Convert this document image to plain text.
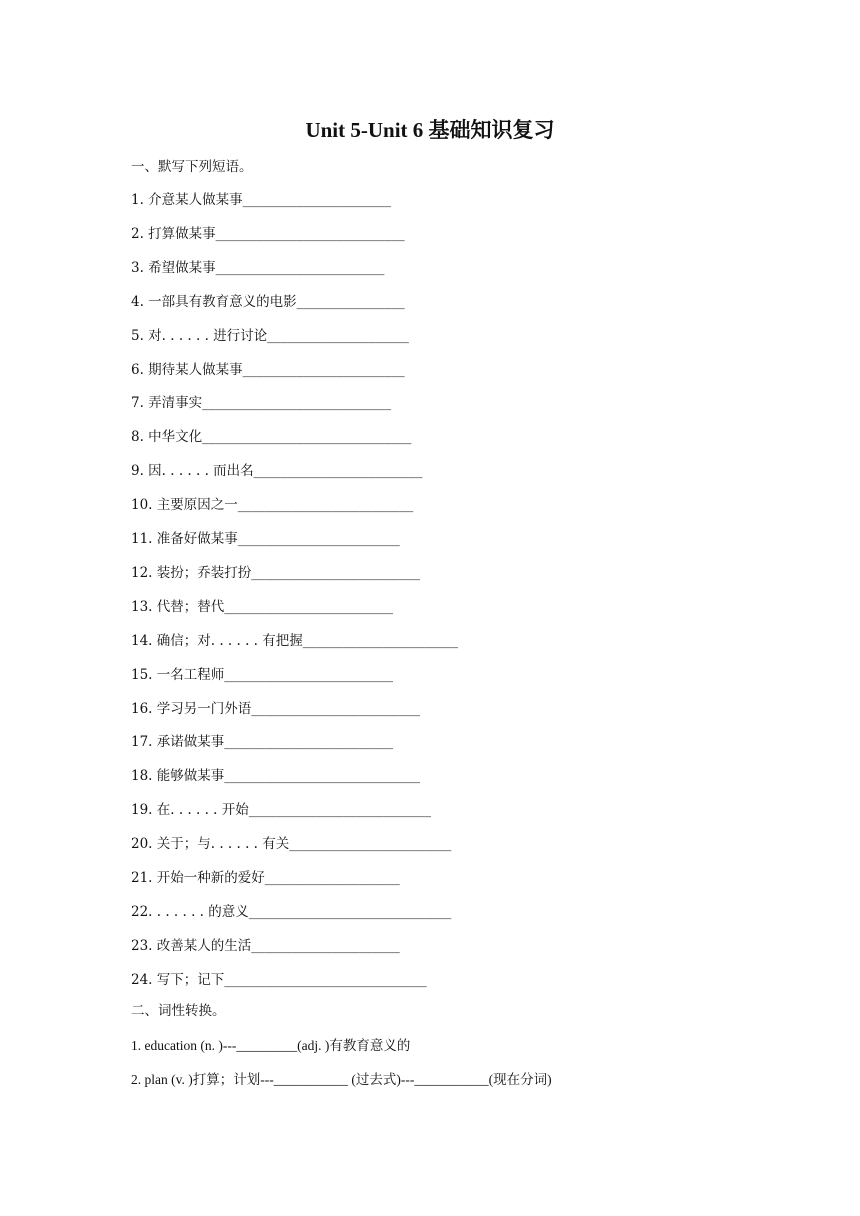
Unit 5-Unit 6 基础知识复习
一、默写下列短语。
1. 介意某人做某事______________________
2. 打算做某事____________________________
3. 希望做某事_________________________
4. 一部具有教育意义的电影________________
5. 对. . . . . . 进行讨论_____________________
6. 期待某人做某事________________________
7. 弄清事实____________________________
8. 中华文化_______________________________
9. 因. . . . . . 而出名_________________________
10. 主要原因之一__________________________
11. 准备好做某事________________________
12. 装扮；乔装打扮_________________________
13. 代替；替代_________________________
14. 确信；对. . . . . . 有把握_______________________
15. 一名工程师_________________________
16. 学习另一门外语_________________________
17. 承诺做某事_________________________
18. 能够做某事_____________________________
19. 在. . . . . . 开始___________________________
20. 关于；与. . . . . . 有关________________________
21. 开始一种新的爱好____________________
22. . . . . . . 的意义______________________________
23. 改善某人的生活______________________
24. 写下；记下______________________________
二、词性转换。
1. education (n. )---_________(adj. )有教育意义的
2. plan (v. )打算；计划---___________ (过去式)---___________(现在分词)
